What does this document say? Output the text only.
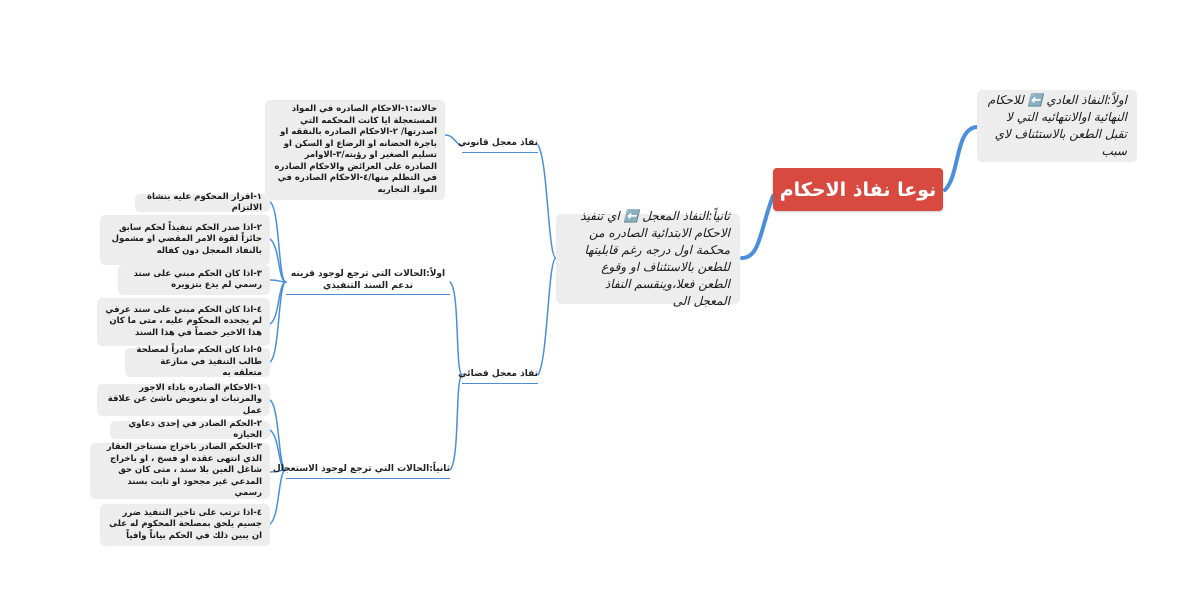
نوعا نفاذ الاحكام
اولاً:النفاذ العادي ⬅️ للاحكام النهائية اوالانتهائيه التي لا تقبل الطعن بالاستئناف لاي سبب
ثانياً:النفاذ المعجل ⬅️ اي تنفيذ الاحكام الابتدائية الصادره من محكمة اول درجه رغم قابليتها للطعن بالاستئناف او وقوع الطعن فعلا،وينقسم النفاذ المعجل الى
نفاذ معجل قانوني
حالاته:١-الاحكام الصادره في المواد المستعجلة ايا كانت المحكمه التي اصدرتها/ ٢-الاحكام الصادره بالنفقه او باجرة الحضانه او الرضاع او السكن او تسليم الصغير او رؤيته/٣-الاوامر الصادره على العرائض والاحكام الصادره في التظلم منها/٤-الاحكام الصادره في المواد التجاريه
نفاذ معجل قضائي
اولاً:الحالات التي ترجع لوجود قرينه تدعم السند التنفيذي
ثانياً:الحالات التي ترجع لوجود الاستعجال
١-اقرار المحكوم عليه بنشاة الالتزام
٢-اذا صدر الحكم تنفيذاً لحكم سابق حائزاً لقوة الامر المقضي او مشمول بالنفاذ المعجل دون كفاله
٣-اذا كان الحكم مبني على سند رسمي لم يدع بتزويره
٤-اذا كان الحكم مبني على سند عرفي لم يجحده المحكوم عليه ، متى ما كان هذا الاخير خصماً في هذا السند
٥-اذا كان الحكم صادراً لمصلحة طالب التنفيذ في منازعة متعلقه به
١-الاحكام الصادره باداء الاجور والمرتبات او بتعويض ناشئ عن علاقة عمل
٢-الحكم الصادر في إحدى دعاوي الحيازه
٣-الحكم الصادر باخراج مستاجر العقار الذي انتهى عقده او فسخ ، او باخراج شاغل العين بلا سند ، متى كان حق المدعي غير مجحود او ثابت بسند رسمي
٤-اذا ترتب على تاخير التنفيذ ضرر جسيم يلحق بمصلحة المحكوم له على ان يبين ذلك في الحكم بياناً وافياً
